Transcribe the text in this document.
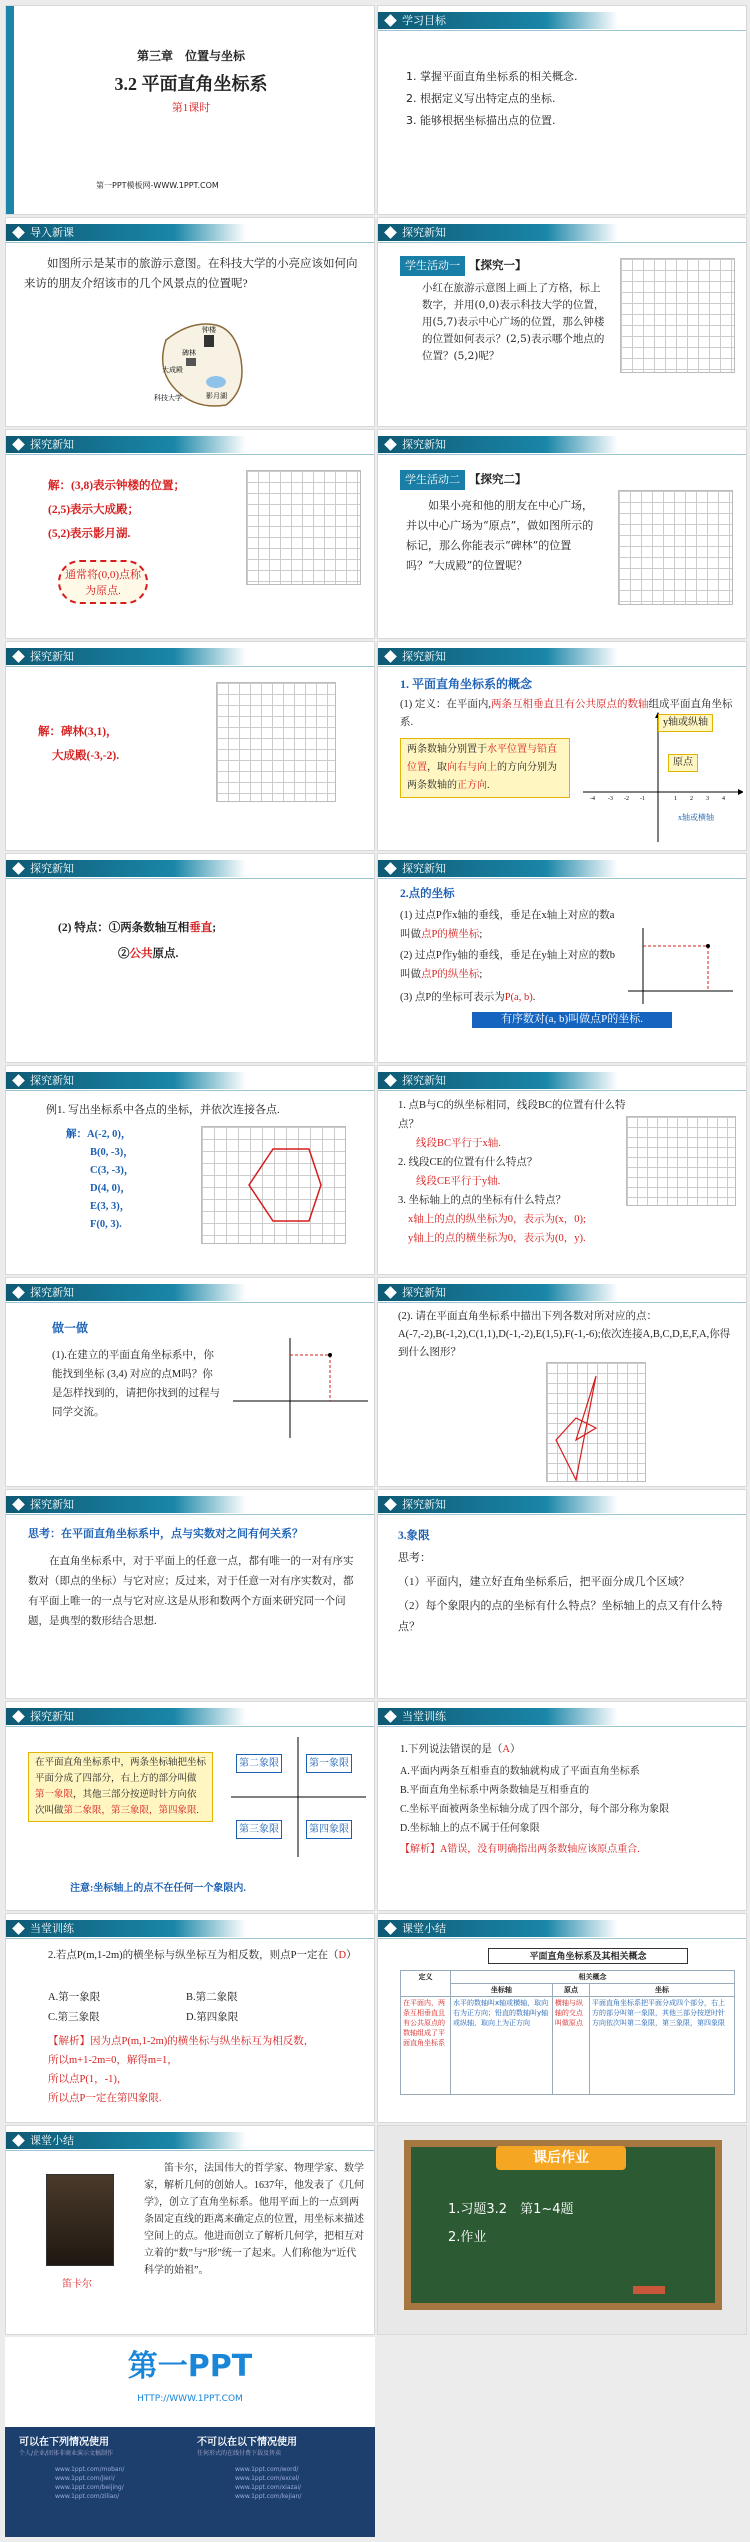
第三章　位置与坐标
3.2 平面直角坐标系
第1课时
第一PPT模板网-WWW.1PPT.COM
学习目标
1. 掌握平面直角坐标系的相关概念.
2. 根据定义写出特定点的坐标.
3. 能够根据坐标描出点的位置.
导入新课
如图所示是某市的旅游示意图。在科技大学的小亮应该如何向来访的朋友介绍该市的几个风景点的位置呢?
钟楼
碑林
大成殿
影月湖
科技大学
探究新知
学生活动一 【探究一】
小红在旅游示意图上画上了方格，标上数字，并用(0,0)表示科技大学的位置，用(5,7)表示中心广场的位置，那么钟楼的位置如何表示？(2,5)表示哪个地点的位置？(5,2)呢？
探究新知
解：(3,8)表示钟楼的位置；
(2,5)表示大成殿；
(5,2)表示影月湖.
通常将(0,0)点称为原点.
探究新知
学生活动二 【探究二】
如果小亮和他的朋友在中心广场，并以中心广场为“原点”，做如图所示的标记，那么你能表示“碑林”的位置吗？“大成殿”的位置呢？
探究新知
解：碑林(3,1)，
大成殿(-3,-2).
探究新知
1. 平面直角坐标系的概念
(1) 定义：在平面内,两条互相垂直且有公共原点的数轴组成平面直角坐标系.
两条数轴分别置于水平位置与铅直位置，取向右与向上的方向分别为两条数轴的正方向.
-4 -3 -2 -1	1 2 3 4
y轴或纵轴
原点
x轴或横轴
探究新知
(2) 特点：①两条数轴互相垂直;
②公共原点.
探究新知
2.点的坐标
(1) 过点P作x轴的垂线，垂足在x轴上对应的数a叫做点P的横坐标;
(2) 过点P作y轴的垂线，垂足在y轴上对应的数b叫做点P的纵坐标;
(3) 点P的坐标可表示为P(a, b).
有序数对(a, b)叫做点P的坐标.
探究新知
例1. 写出坐标系中各点的坐标，并依次连接各点.
解：A(-2, 0)，
B(0, -3)，
C(3, -3)，
D(4, 0)，
E(3, 3)，
F(0, 3).
探究新知
1. 点B与C的纵坐标相同，线段BC的位置有什么特点？
线段BC平行于x轴.
2. 线段CE的位置有什么特点？
线段CE平行于y轴.
3. 坐标轴上的点的坐标有什么特点？
x轴上的点的纵坐标为0，表示为(x，0);
y轴上的点的横坐标为0，表示为(0，y).
探究新知
做一做
(1).在建立的平面直角坐标系中，你能找到坐标 (3,4) 对应的点M吗？你是怎样找到的，请把你找到的过程与同学交流。
探究新知
(2). 请在平面直角坐标系中描出下列各数对所对应的点：A(-7,-2),B(-1,2),C(1,1),D(-1,-2),E(1,5),F(-1,-6);依次连接A,B,C,D,E,F,A,你得到什么图形？
探究新知
思考：在平面直角坐标系中，点与实数对之间有何关系？
在直角坐标系中，对于平面上的任意一点，都有唯一的一对有序实数对（即点的坐标）与它对应；反过来，对于任意一对有序实数对，都有平面上唯一的一点与它对应.这是从形和数两个方面来研究同一个问题，是典型的数形结合思想.
探究新知
3.象限
思考：
（1）平面内，建立好直角坐标系后，把平面分成几个区域？
（2）每个象限内的点的坐标有什么特点？坐标轴上的点又有什么特点？
探究新知
在平面直角坐标系中，两条坐标轴把坐标平面分成了四部分，右上方的部分叫做第一象限，其他三部分按逆时针方向依次叫做第二象限，第三象限，第四象限.
第一象限
第二象限
第三象限	第四象限
注意:坐标轴上的点不在任何一个象限内.
当堂训练
1.下列说法错误的是（A）
A.平面内两条互相垂直的数轴就构成了平面直角坐标系
B.平面直角坐标系中两条数轴是互相垂直的
C.坐标平面被两条坐标轴分成了四个部分，每个部分称为象限
D.坐标轴上的点不属于任何象限
【解析】A错误，没有明确指出两条数轴应该原点重合.
当堂训练
2.若点P(m,1-2m)的横坐标与纵坐标互为相反数，则点P一定在（D）
A.第一象限	B.第二象限
C.第三象限	D.第四象限
【解析】因为点P(m,1-2m)的横坐标与纵坐标互为相反数，
所以m+1-2m=0，解得m=1，
所以点P(1，-1)，
所以点P一定在第四象限.
课堂小结
平面直角坐标系及其相关概念
定义	相关概念		
	坐标轴	原点	坐标
在平面内，两条互相垂直且有公共原点的数轴组成了平面直角坐标系	水平的数轴叫x轴或横轴，取向右为正方向；铅直的数轴叫y轴或纵轴，取向上为正方向	横轴与纵轴的交点叫做原点	平面直角坐标系把平面分成四个部分，右上方的部分叫第一象限，其他三部分按逆时针方向依次叫第二象限，第三象限，第四象限
课堂小结
笛卡尔
笛卡尔，法国伟大的哲学家、物理学家、数学家，解析几何的创始人。1637年，他发表了《几何学》，创立了直角坐标系。他用平面上的一点到两条固定直线的距离来确定点的位置，用坐标来描述空间上的点。他进而创立了解析几何学，把相互对立着的“数”与“形”统一了起来。人们称他为“近代科学的始祖”。
课后作业
1.习题3.2　第1~4题
2.作业
第一PPT
HTTP://WWW.1PPT.COM
可以在下列情况使用
个人/企业/团体非商业演示文稿制作
不可以在以下情况使用
任何形式的在线付费下载及售卖
www.1ppt.com/moban/
www.1ppt.com/jieri/
www.1ppt.com/beijing/
www.1ppt.com/ziliao/
www.1ppt.com/word/
www.1ppt.com/excel/
www.1ppt.com/xiazai/
www.1ppt.com/kejian/
